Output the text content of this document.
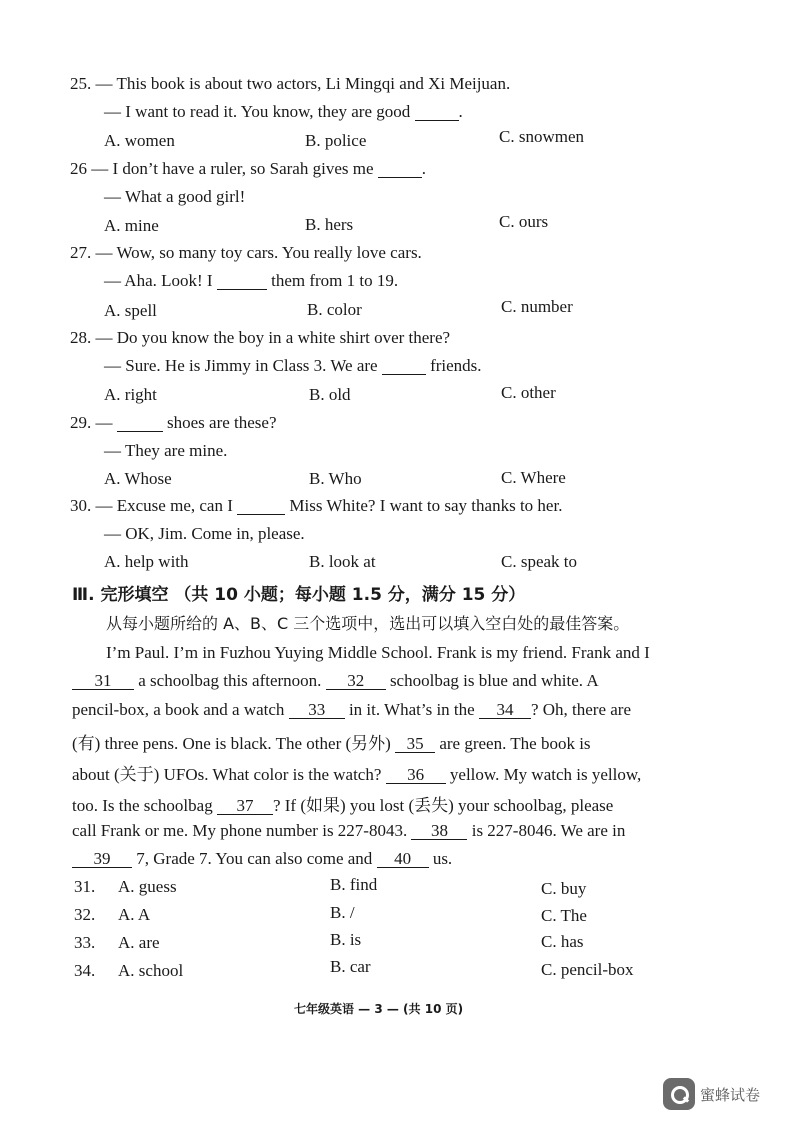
25. — This book is about two actors, Li Mingqi and Xi Meijuan.
— I want to read it. You know, they are good	.
A. women	B. police	C. snowmen
26 — I don’t have a ruler, so Sarah gives me	.
— What a good girl!
A. mine	B. hers	C. ours
27. — Wow, so many toy cars. You really love cars.
— Aha. Look! I	them from 1 to 19.
A. spell	B. color	C. number
28. — Do you know the boy in a white shirt over there?
— Sure. He is Jimmy in Class 3. We are	friends.
A. right	B. old	C. other
29. —	shoes are these?
— They are mine.
A. Whose	B. Who	C. Where
30. — Excuse me, can I	Miss White? I want to say thanks to her.
— OK, Jim. Come in, please.
A. help with	B. look at	C. speak to
Ⅲ. 完形填空 （共 10 小题；每小题 1.5 分，满分 15 分）
从每小题所给的 A、B、C 三个选项中，选出可以填入空白处的最佳答案。
I’m Paul. I’m in Fuzhou Yuying Middle School. Frank is my friend. Frank and I
31 a schoolbag this afternoon. 32 schoolbag is blue and white. A
pencil-box, a book and a watch 33 in it. What’s in the 34 ? Oh, there are
(有) three pens. One is black. The other (另外) 35 are green. The book is
about (关于) UFOs. What color is the watch? 36 yellow. My watch is yellow,
too. Is the schoolbag 37 ? If (如果) you lost (丢失) your schoolbag, please
call Frank or me. My phone number is 227-8043. 38 is 227-8046. We are in
39 7, Grade 7. You can also come and 40 us.
31. A. guess	B. find	C. buy
32. A. A	B. /	C. The
33. A. are	B. is	C. has
34. A. school	B. car	C. pencil-box
七年级英语 — 3 — (共 10 页)
蜜蜂试卷
